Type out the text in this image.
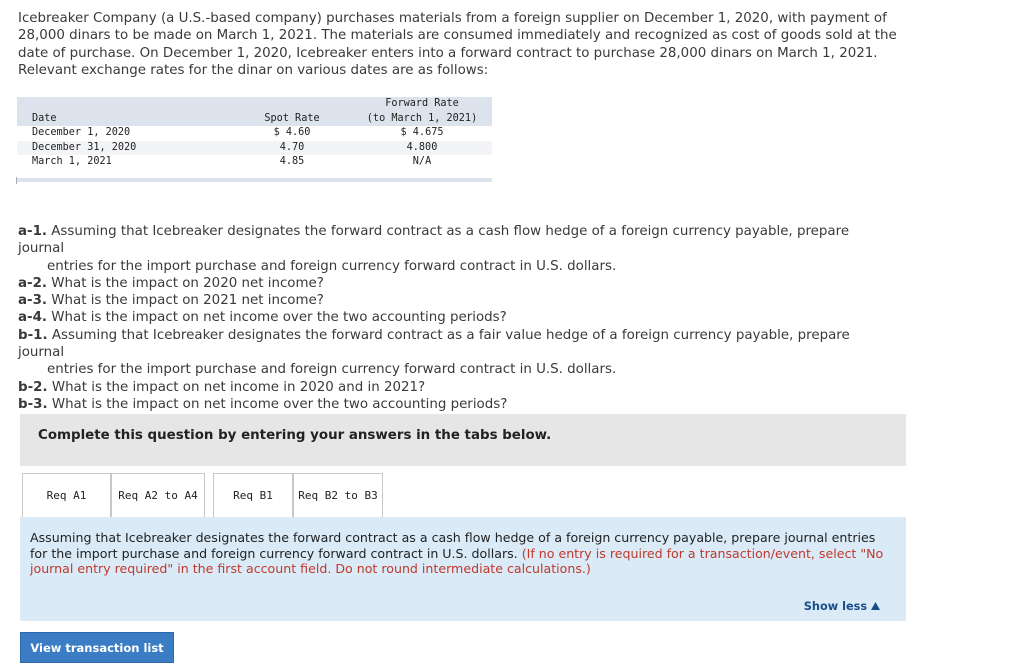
Icebreaker Company (a U.S.-based company) purchases materials from a foreign supplier on December 1, 2020, with payment of 28,000 dinars to be made on March 1, 2021. The materials are consumed immediately and recognized as cost of goods sold at the date of purchase. On December 1, 2020, Icebreaker enters into a forward contract to purchase 28,000 dinars on March 1, 2021. Relevant exchange rates for the dinar on various dates are as follows:
		Forward Rate
Date	Spot Rate	(to March 1, 2021)
December 1, 2020	$ 4.60	$ 4.675
December 31, 2020	4.70	4.800
March 1, 2021	4.85	N/A

a-1. Assuming that Icebreaker designates the forward contract as a cash flow hedge of a foreign currency payable, prepare journal
entries for the import purchase and foreign currency forward contract in U.S. dollars.

a-2. What is the impact on 2020 net income?

a-3. What is the impact on 2021 net income?

a-4. What is the impact on net income over the two accounting periods?

b-1. Assuming that Icebreaker designates the forward contract as a fair value hedge of a foreign currency payable, prepare journal
entries for the import purchase and foreign currency forward contract in U.S. dollars.

b-2. What is the impact on net income in 2020 and in 2021?

b-3. What is the impact on net income over the two accounting periods?

Complete this question by entering your answers in the tabs below.
Req A1	Req A2 to A4	Req B1	Req B2 to B3
Assuming that Icebreaker designates the forward contract as a cash flow hedge of a foreign currency payable, prepare journal entries for the import purchase and foreign currency forward contract in U.S. dollars. (If no entry is required for a transaction/event, select "No journal entry required" in the first account field. Do not round intermediate calculations.)
Show less
View transaction list
